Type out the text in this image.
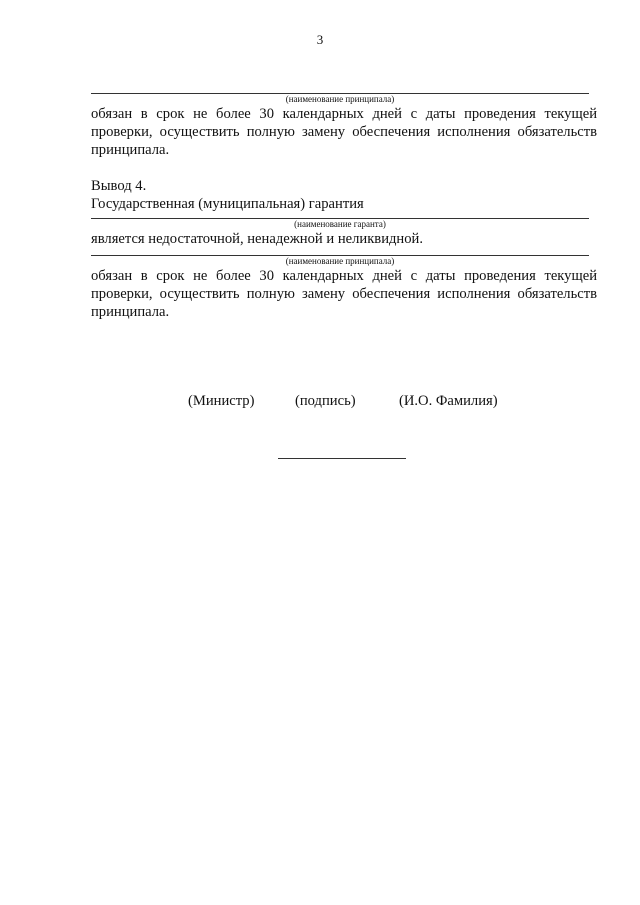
3
(наименование принципала)

обязан в срок не более 30 календарных дней с даты проведения текущей проверки, осуществить полную замену обеспечения исполнения обязательств принципала.

Вывод 4.
Государственная (муниципальная) гарантия
(наименование гаранта)
является недостаточной, ненадежной и неликвидной.
(наименование принципала)

обязан в срок не более 30 календарных дней с даты проведения текущей проверки, осуществить полную замену обеспечения исполнения обязательств принципала.

(Министр)	(подпись)	(И.О. Фамилия)
